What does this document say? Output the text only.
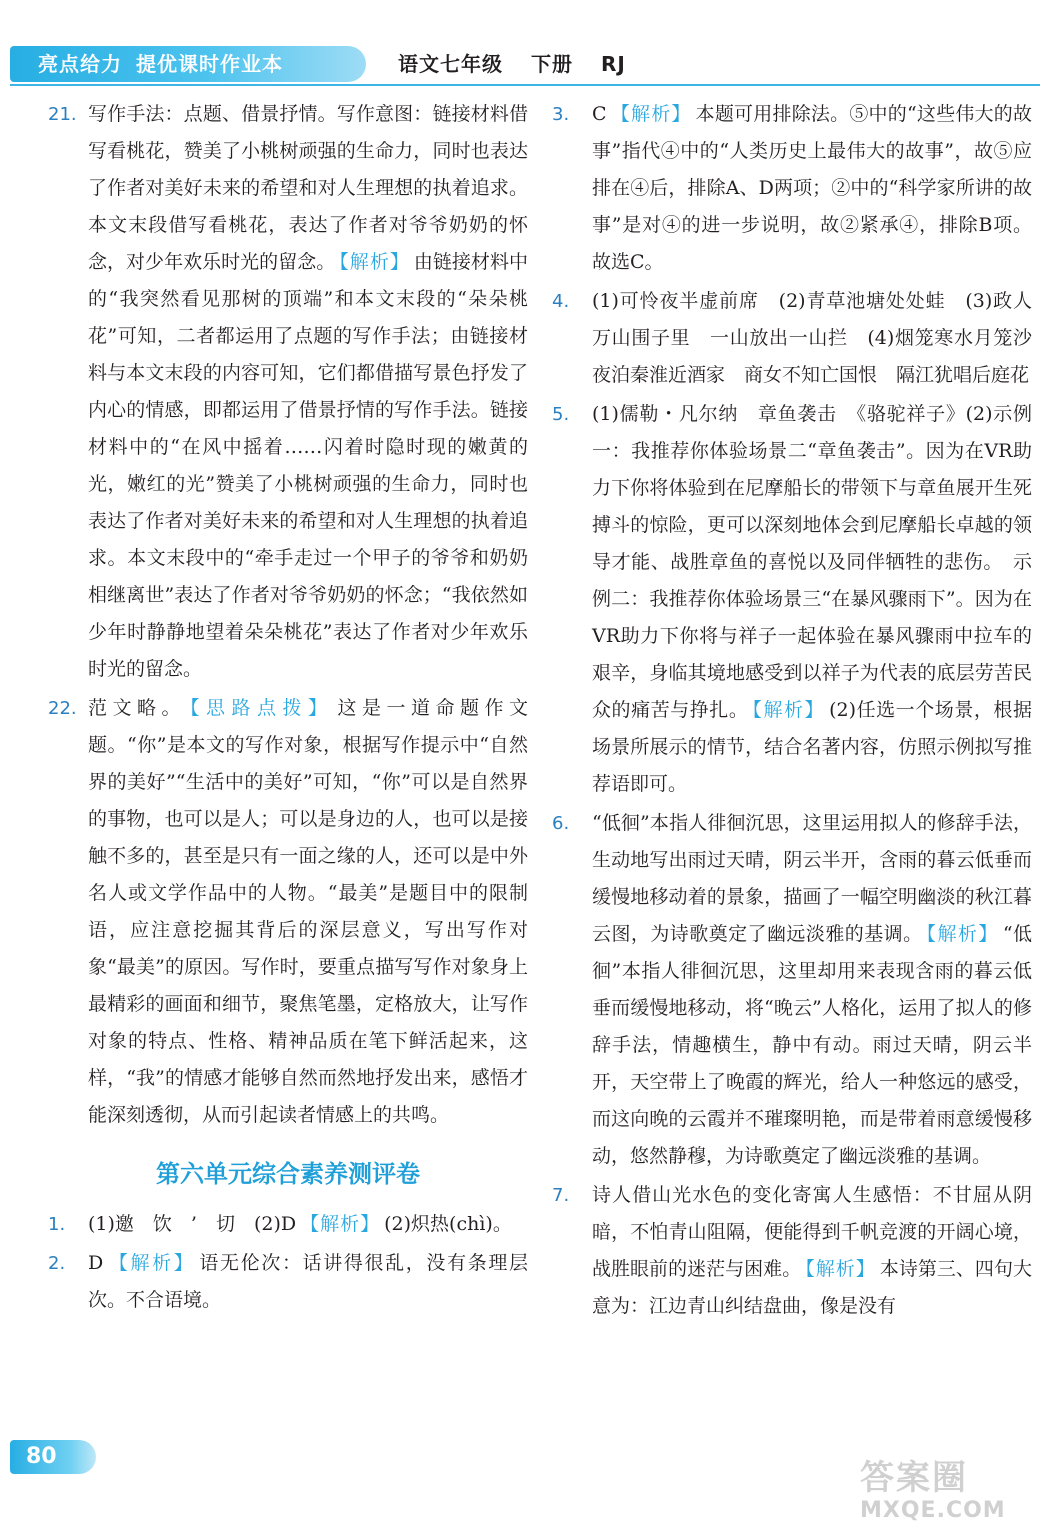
亮点给力 提优课时作业本	语文七年级 下册 RJ
21. 写作手法：点题、借景抒情。写作意图：链接材料借写看桃花，赞美了小桃树顽强的生命力，同时也表达了作者对美好未来的希望和对人生理想的执着追求。本文末段借写看桃花，表达了作者对爷爷奶奶的怀念，对少年欢乐时光的留念。 【解析】 由链接材料中的“我突然看见那树的顶端”和本文末段的“朵朵桃花”可知，二者都运用了点题的写作手法；由链接材料与本文末段的内容可知，它们都借描写景色抒发了内心的情感，即都运用了借景抒情的写作手法。链接材料中的“在风中摇着……闪着时隐时现的嫩黄的光，嫩红的光”赞美了小桃树顽强的生命力，同时也表达了作者对美好未来的希望和对人生理想的执着追求。本文末段中的“牵手走过一个甲子的爷爷和奶奶相继离世”表达了作者对爷爷奶奶的怀念；“我依然如少年时静静地望着朵朵桃花”表达了作者对少年欢乐时光的留念。
22. 范文略。 【思路点拨】 这是一道命题作文题。“你”是本文的写作对象，根据写作提示中“自然界的美好”“生活中的美好”可知，“你”可以是自然界的事物，也可以是人；可以是身边的人，也可以是接触不多的，甚至是只有一面之缘的人，还可以是中外名人或文学作品中的人物。“最美”是题目中的限制语，应注意挖掘其背后的深层意义，写出写作对象“最美”的原因。写作时，要重点描写写作对象身上最精彩的画面和细节，聚焦笔墨，定格放大，让写作对象的特点、性格、精神品质在笔下鲜活起来，这样，“我”的情感才能够自然而然地抒发出来，感悟才能深刻透彻，从而引起读者情感上的共鸣。
第六单元综合素养测评卷
1.	(1)邀　饮　’　切　(2)D 【解析】 (2)炽热(chì)。
2.	D 【解析】 语无伦次：话讲得很乱，没有条理层次。不合语境。
3.	C 【解析】 本题可用排除法。⑤中的“这些伟大的故事”指代④中的“人类历史上最伟大的故事”，故⑤应排在④后，排除A、D两项；②中的“科学家所讲的故事”是对④的进一步说明，故②紧承④，排除B项。故选C。
4.	(1)可怜夜半虚前席　(2)青草池塘处处蛙　(3)政人万山围子里　一山放出一山拦　(4)烟笼寒水月笼沙　夜泊秦淮近酒家　商女不知亡国恨　隔江犹唱后庭花
5.	(1)儒勒・凡尔纳　章鱼袭击　《骆驼祥子》(2)示例一：我推荐你体验场景二“章鱼袭击”。因为在VR助力下你将体验到在尼摩船长的带领下与章鱼展开生死搏斗的惊险，更可以深刻地体会到尼摩船长卓越的领导才能、战胜章鱼的喜悦以及同伴牺牲的悲伤。　示例二：我推荐你体验场景三“在暴风骤雨下”。因为在VR助力下你将与祥子一起体验在暴风骤雨中拉车的艰辛，身临其境地感受到以祥子为代表的底层劳苦民众的痛苦与挣扎。 【解析】 (2)任选一个场景，根据场景所展示的情节，结合名著内容，仿照示例拟写推荐语即可。
6.	“低徊”本指人徘徊沉思，这里运用拟人的修辞手法，生动地写出雨过天晴，阴云半开，含雨的暮云低垂而缓慢地移动着的景象，描画了一幅空明幽淡的秋江暮云图，为诗歌奠定了幽远淡雅的基调。 【解析】 “低徊”本指人徘徊沉思，这里却用来表现含雨的暮云低垂而缓慢地移动，将“晚云”人格化，运用了拟人的修辞手法，情趣横生，静中有动。雨过天晴，阴云半开，天空带上了晚霞的辉光，给人一种悠远的感受，而这向晚的云霞并不璀璨明艳，而是带着雨意缓慢移动，悠然静穆，为诗歌奠定了幽远淡雅的基调。
7.	诗人借山光水色的变化寄寓人生感悟：不甘屈从阴暗，不怕青山阻隔，便能得到千帆竞渡的开阔心境，战胜眼前的迷茫与困难。 【解析】 本诗第三、四句大意为：江边青山纠结盘曲，像是没有
80
答案圈
MXQE.COM
